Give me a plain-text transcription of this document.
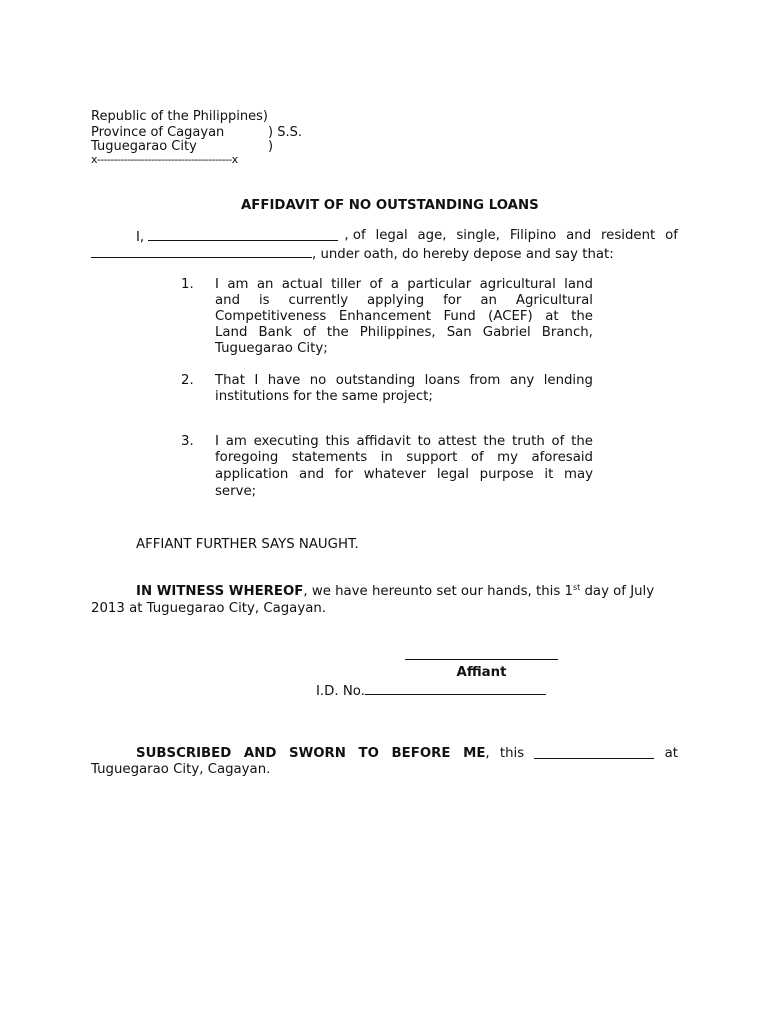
Republic of the Philippines)
Province of Cagayan	) S.S.
Tuguegarao City	)
x----------------------------------------x
AFFIDAVIT OF NO OUTSTANDING LOANS
I,	, of legal age, single, Filipino and resident of
, under oath, do hereby depose and say that:
1. I am an actual tiller of a particular agricultural land
and is currently applying for an Agricultural
Competitiveness Enhancement Fund (ACEF) at the
Land Bank of the Philippines, San Gabriel Branch,
Tuguegarao City;
2. That I have no outstanding loans from any lending
institutions for the same project;
3. I am executing this affidavit to attest the truth of the
foregoing statements in support of my aforesaid
application and for whatever legal purpose it may
serve;
AFFIANT FURTHER SAYS NAUGHT.
IN WITNESS WHEREOF, we have hereunto set our hands, this 1st day of July
2013 at Tuguegarao City, Cagayan.
Affiant
I.D. No.
SUBSCRIBED AND SWORN TO BEFORE ME, this	at
Tuguegarao City, Cagayan.
